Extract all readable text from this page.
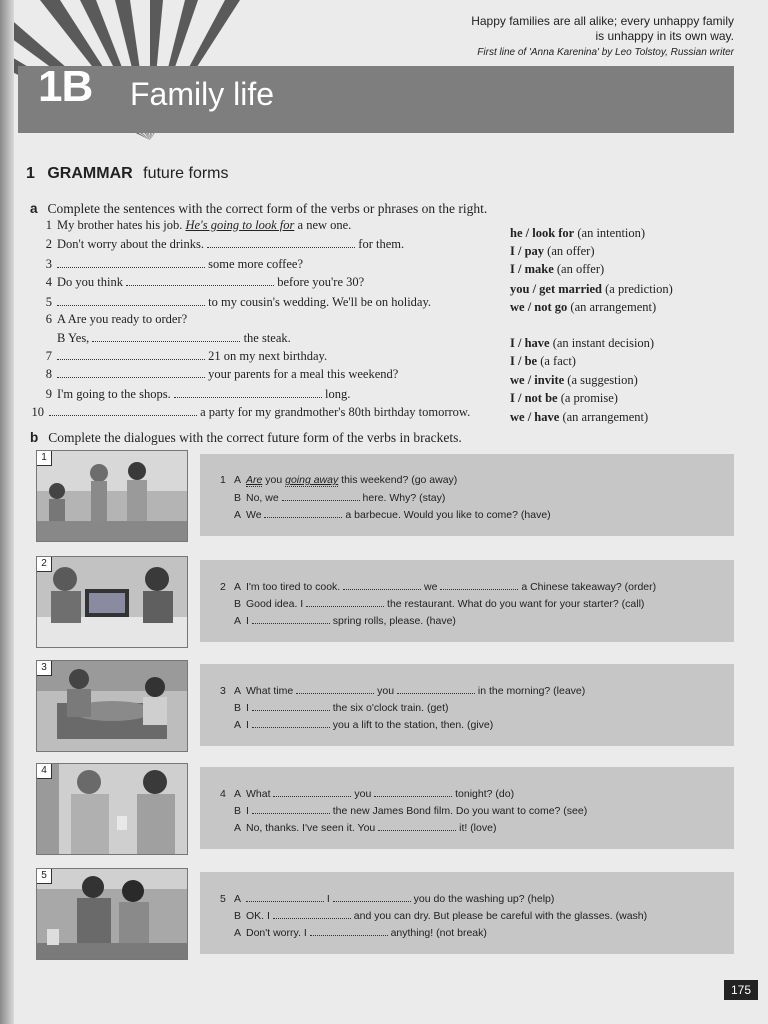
Happy families are all alike; every unhappy family
is unhappy in its own way.
First line of 'Anna Karenina' by Leo Tolstoy, Russian writer
1B Family life
1 GRAMMAR future forms
a Complete the sentences with the correct form of the verbs or phrases on the right.
1 My brother hates his job. He's going to look for a new one.
2 Don't worry about the drinks.	for them.
3	some more coffee?
4 Do you think	before you're 30?
5	to my cousin's wedding. We'll be on holiday.
6 A Are you ready to order?
B Yes,	the steak.
7	21 on my next birthday.
8	your parents for a meal this weekend?
9 I'm going to the shops.	long.
10	a party for my grandmother's 80th birthday tomorrow.
he / look for (an intention)
I / pay (an offer)
I / make (an offer)
you / get married (a prediction)
we / not go (an arrangement)
I / have (an instant decision)
I / be (a fact)
we / invite (a suggestion)
I / not be (a promise)
we / have (an arrangement)
b Complete the dialogues with the correct future form of the verbs in brackets.
1
1 A Are you going away this weekend? (go away)
B No, we	here. Why? (stay)
A We	a barbecue. Would you like to come? (have)
2
2 A I'm too tired to cook.	we	a Chinese takeaway? (order)
B Good idea. I	the restaurant. What do you want for your starter? (call)
A I	spring rolls, please. (have)
3
3 A What time	you	in the morning? (leave)
B I	the six o'clock train. (get)
A I	you a lift to the station, then. (give)
4
4 A What	you	tonight? (do)
B I	the new James Bond film. Do you want to come? (see)
A No, thanks. I've seen it. You	it! (love)
5
5 A	I	you do the washing up? (help)
B OK. I	and you can dry. But please be careful with the glasses. (wash)
A Don't worry. I	anything! (not break)
175
